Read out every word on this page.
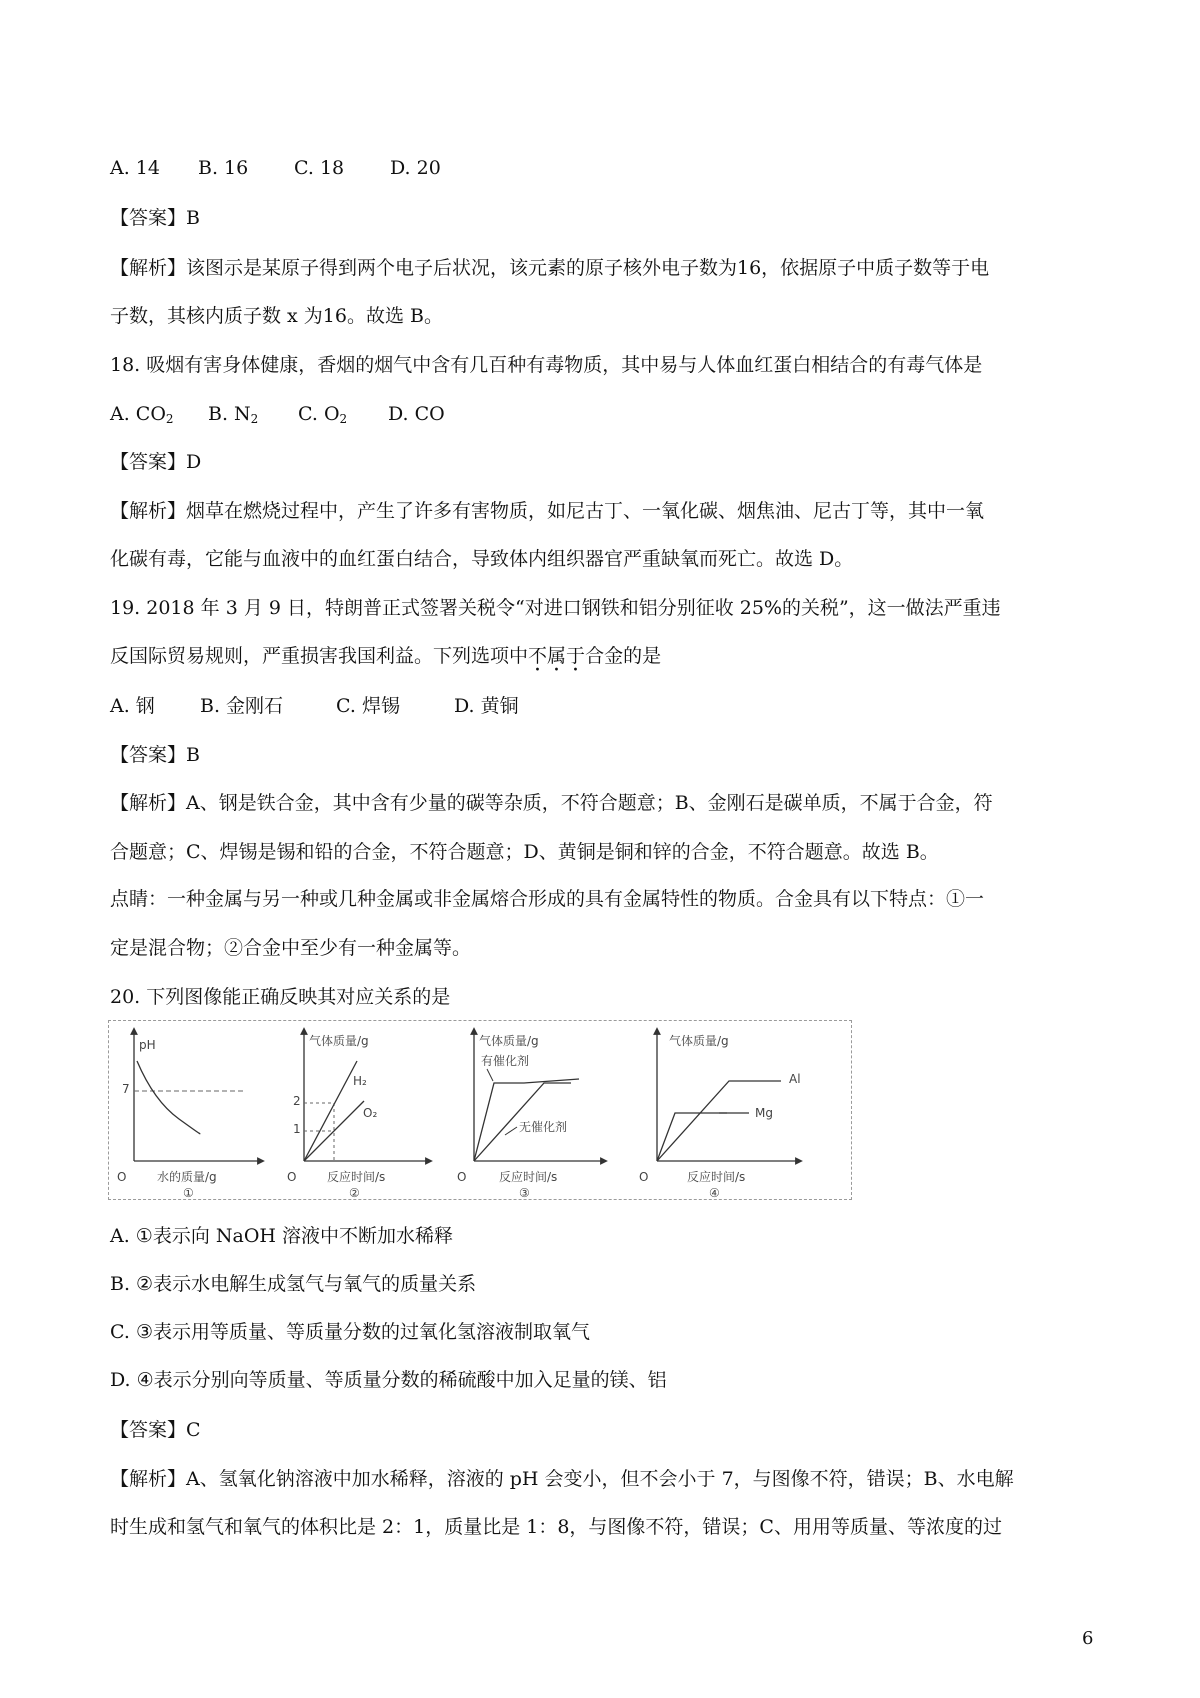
A. 14 B. 16 C. 18 D. 20
【答案】B
【解析】该图示是某原子得到两个电子后状况，该元素的原子核外电子数为16，依据原子中质子数等于电
子数，其核内质子数 x 为16。故选 B。
18. 吸烟有害身体健康，香烟的烟气中含有几百种有毒物质，其中易与人体血红蛋白相结合的有毒气体是
A. $CO_2$ B. $N_2$ C. $O_2$ D. CO
【答案】D
【解析】烟草在燃烧过程中，产生了许多有害物质，如尼古丁、一氧化碳、烟焦油、尼古丁等，其中一氧
化碳有毒，它能与血液中的血红蛋白结合，导致体内组织器官严重缺氧而死亡。故选 D。
19. 2018 年 3 月 9 日，特朗普正式签署关税令“对进口钢铁和铝分别征收 25%的关税”，这一做法严重违
反国际贸易规则，严重损害我国利益。下列选项中不属于合金的是
A. 钢 B. 金刚石	C. 焊锡	D. 黄铜
【答案】B
【解析】A、钢是铁合金，其中含有少量的碳等杂质，不符合题意；B、金刚石是碳单质，不属于合金，符
合题意；C、焊锡是锡和铅的合金，不符合题意；D、黄铜是铜和锌的合金，不符合题意。故选 B。
点睛：一种金属与另一种或几种金属或非金属熔合形成的具有金属特性的物质。合金具有以下特点：①一
定是混合物；②合金中至少有一种金属等。
20. 下列图像能正确反映其对应关系的是
pH
7
O	水的质量/g
①
气体质量/g
2
1
H₂
O₂
O	反应时间/s
②
气体质量/g
有催化剂
无催化剂
O	反应时间/s
③
气体质量/g
Al
Mg
O	反应时间/s
④
A. ①表示向 NaOH 溶液中不断加水稀释
B. ②表示水电解生成氢气与氧气的质量关系
C. ③表示用等质量、等质量分数的过氧化氢溶液制取氧气
D. ④表示分别向等质量、等质量分数的稀硫酸中加入足量的镁、铝
【答案】C
【解析】A、氢氧化钠溶液中加水稀释，溶液的 pH 会变小，但不会小于 7，与图像不符，错误；B、水电解
时生成和氢气和氧气的体积比是 2：1，质量比是 1：8，与图像不符，错误；C、用用等质量、等浓度的过
6
